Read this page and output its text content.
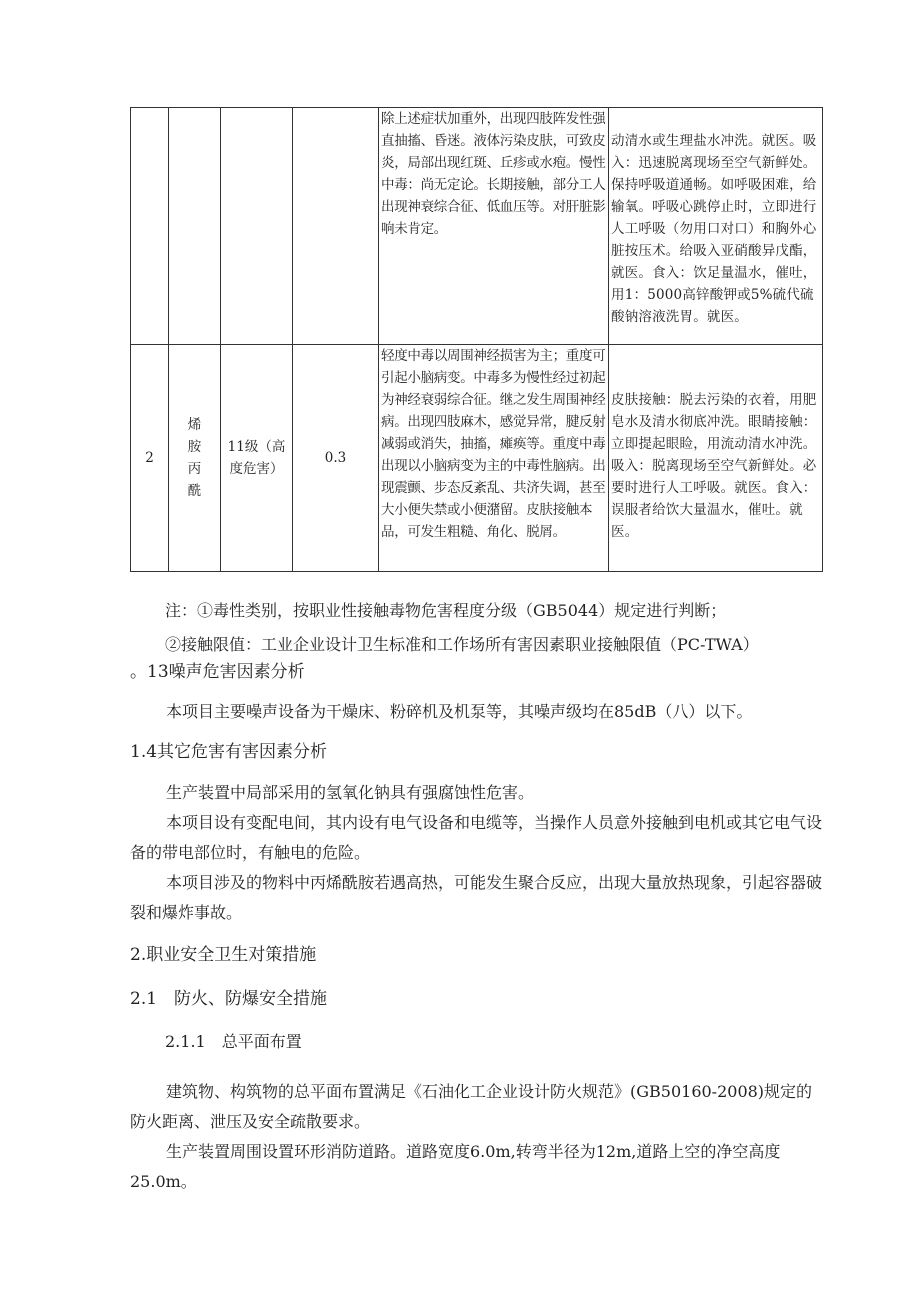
				除上述症状加重外，出现四肢阵发性强直抽搐、昏迷。液体污染皮肤，可致皮炎，局部出现红斑、丘疹或水疱。慢性中毒：尚无定论。长期接触，部分工人出现神衰综合征、低血压等。对肝脏影响未肯定。	动清水或生理盐水冲洗。就医。吸入：迅速脱离现场至空气新鲜处。保持呼吸道通畅。如呼吸困难，给输氧。呼吸心跳停止时，立即进行人工呼吸（勿用口对口）和胸外心脏按压术。给吸入亚硝酸异戊酯，就医。食入：饮足量温水，催吐，用1：5000高锌酸钾或5%硫代硫酸钠溶液洗胃。就医。

2	烯胺丙酰	11级（高度危害）	0.3	轻度中毒以周围神经损害为主；重度可引起小脑病变。中毒多为慢性经过初起为神经衰弱综合征。继之发生周围神经病。出现四肢麻木，感觉异常，腱反射减弱或消失，抽搐，瘫痪等。重度中毒出现以小脑病变为主的中毒性脑病。出现震颤、步态反紊乱、共济失调，甚至大小便失禁或小便潴留。皮肤接触本品，可发生粗糙、角化、脱屑。	皮肤接触：脱去污染的衣着，用肥皂水及清水彻底冲洗。眼睛接触：立即提起眼睑，用流动清水冲洗。吸入：脱离现场至空气新鲜处。必要时进行人工呼吸。就医。食入：误服者给饮大量温水，催吐。就医。
注：①毒性类别，按职业性接触毒物危害程度分级（GB5044）规定进行判断；
②接触限值：工业企业设计卫生标准和工作场所有害因素职业接触限值（PC-TWA）
。13噪声危害因素分析
本项目主要噪声设备为干燥床、粉碎机及机泵等，其噪声级均在85dB（八）以下。
1.4其它危害有害因素分析
生产装置中局部采用的氢氧化钠具有强腐蚀性危害。
本项目设有变配电间，其内设有电气设备和电缆等，当操作人员意外接触到电机或其它电气设备的带电部位时，有触电的危险。
本项目涉及的物料中丙烯酰胺若遇高热，可能发生聚合反应，出现大量放热现象，引起容器破裂和爆炸事故。
2.职业安全卫生对策措施
2.1　防火、防爆安全措施
2.1.1　总平面布置
建筑物、构筑物的总平面布置满足《石油化工企业设计防火规范》(GB50160-2008)规定的防火距离、泄压及安全疏散要求。
生产装置周围设置环形消防道路。道路宽度6.0m,转弯半径为12m,道路上空的净空高度25.0m。
